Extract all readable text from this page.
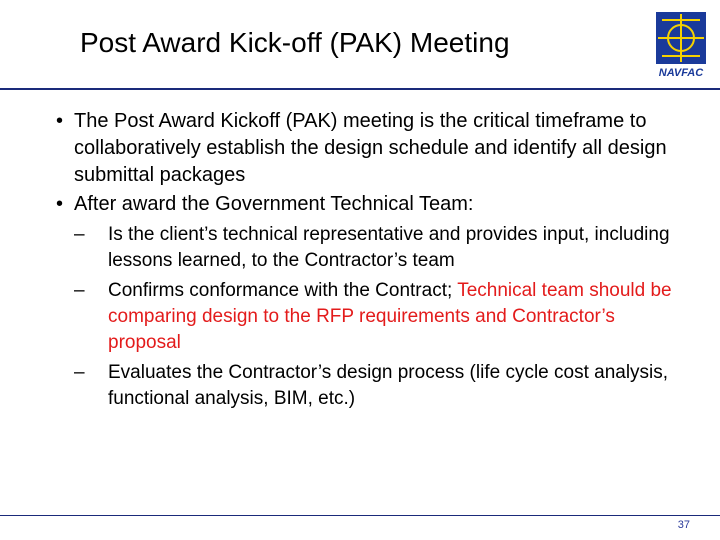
Post Award Kick-off (PAK) Meeting
NAVFAC
• The Post Award Kickoff (PAK) meeting is the critical timeframe to collaboratively establish the design schedule and identify all design submittal packages
• After award the Government Technical Team:
– Is the client’s technical representative and provides input, including lessons learned, to the Contractor’s team
– Confirms conformance with the Contract; Technical team should be comparing design to the RFP requirements and Contractor’s proposal
– Evaluates the Contractor’s design process (life cycle cost analysis, functional analysis, BIM, etc.)
37
